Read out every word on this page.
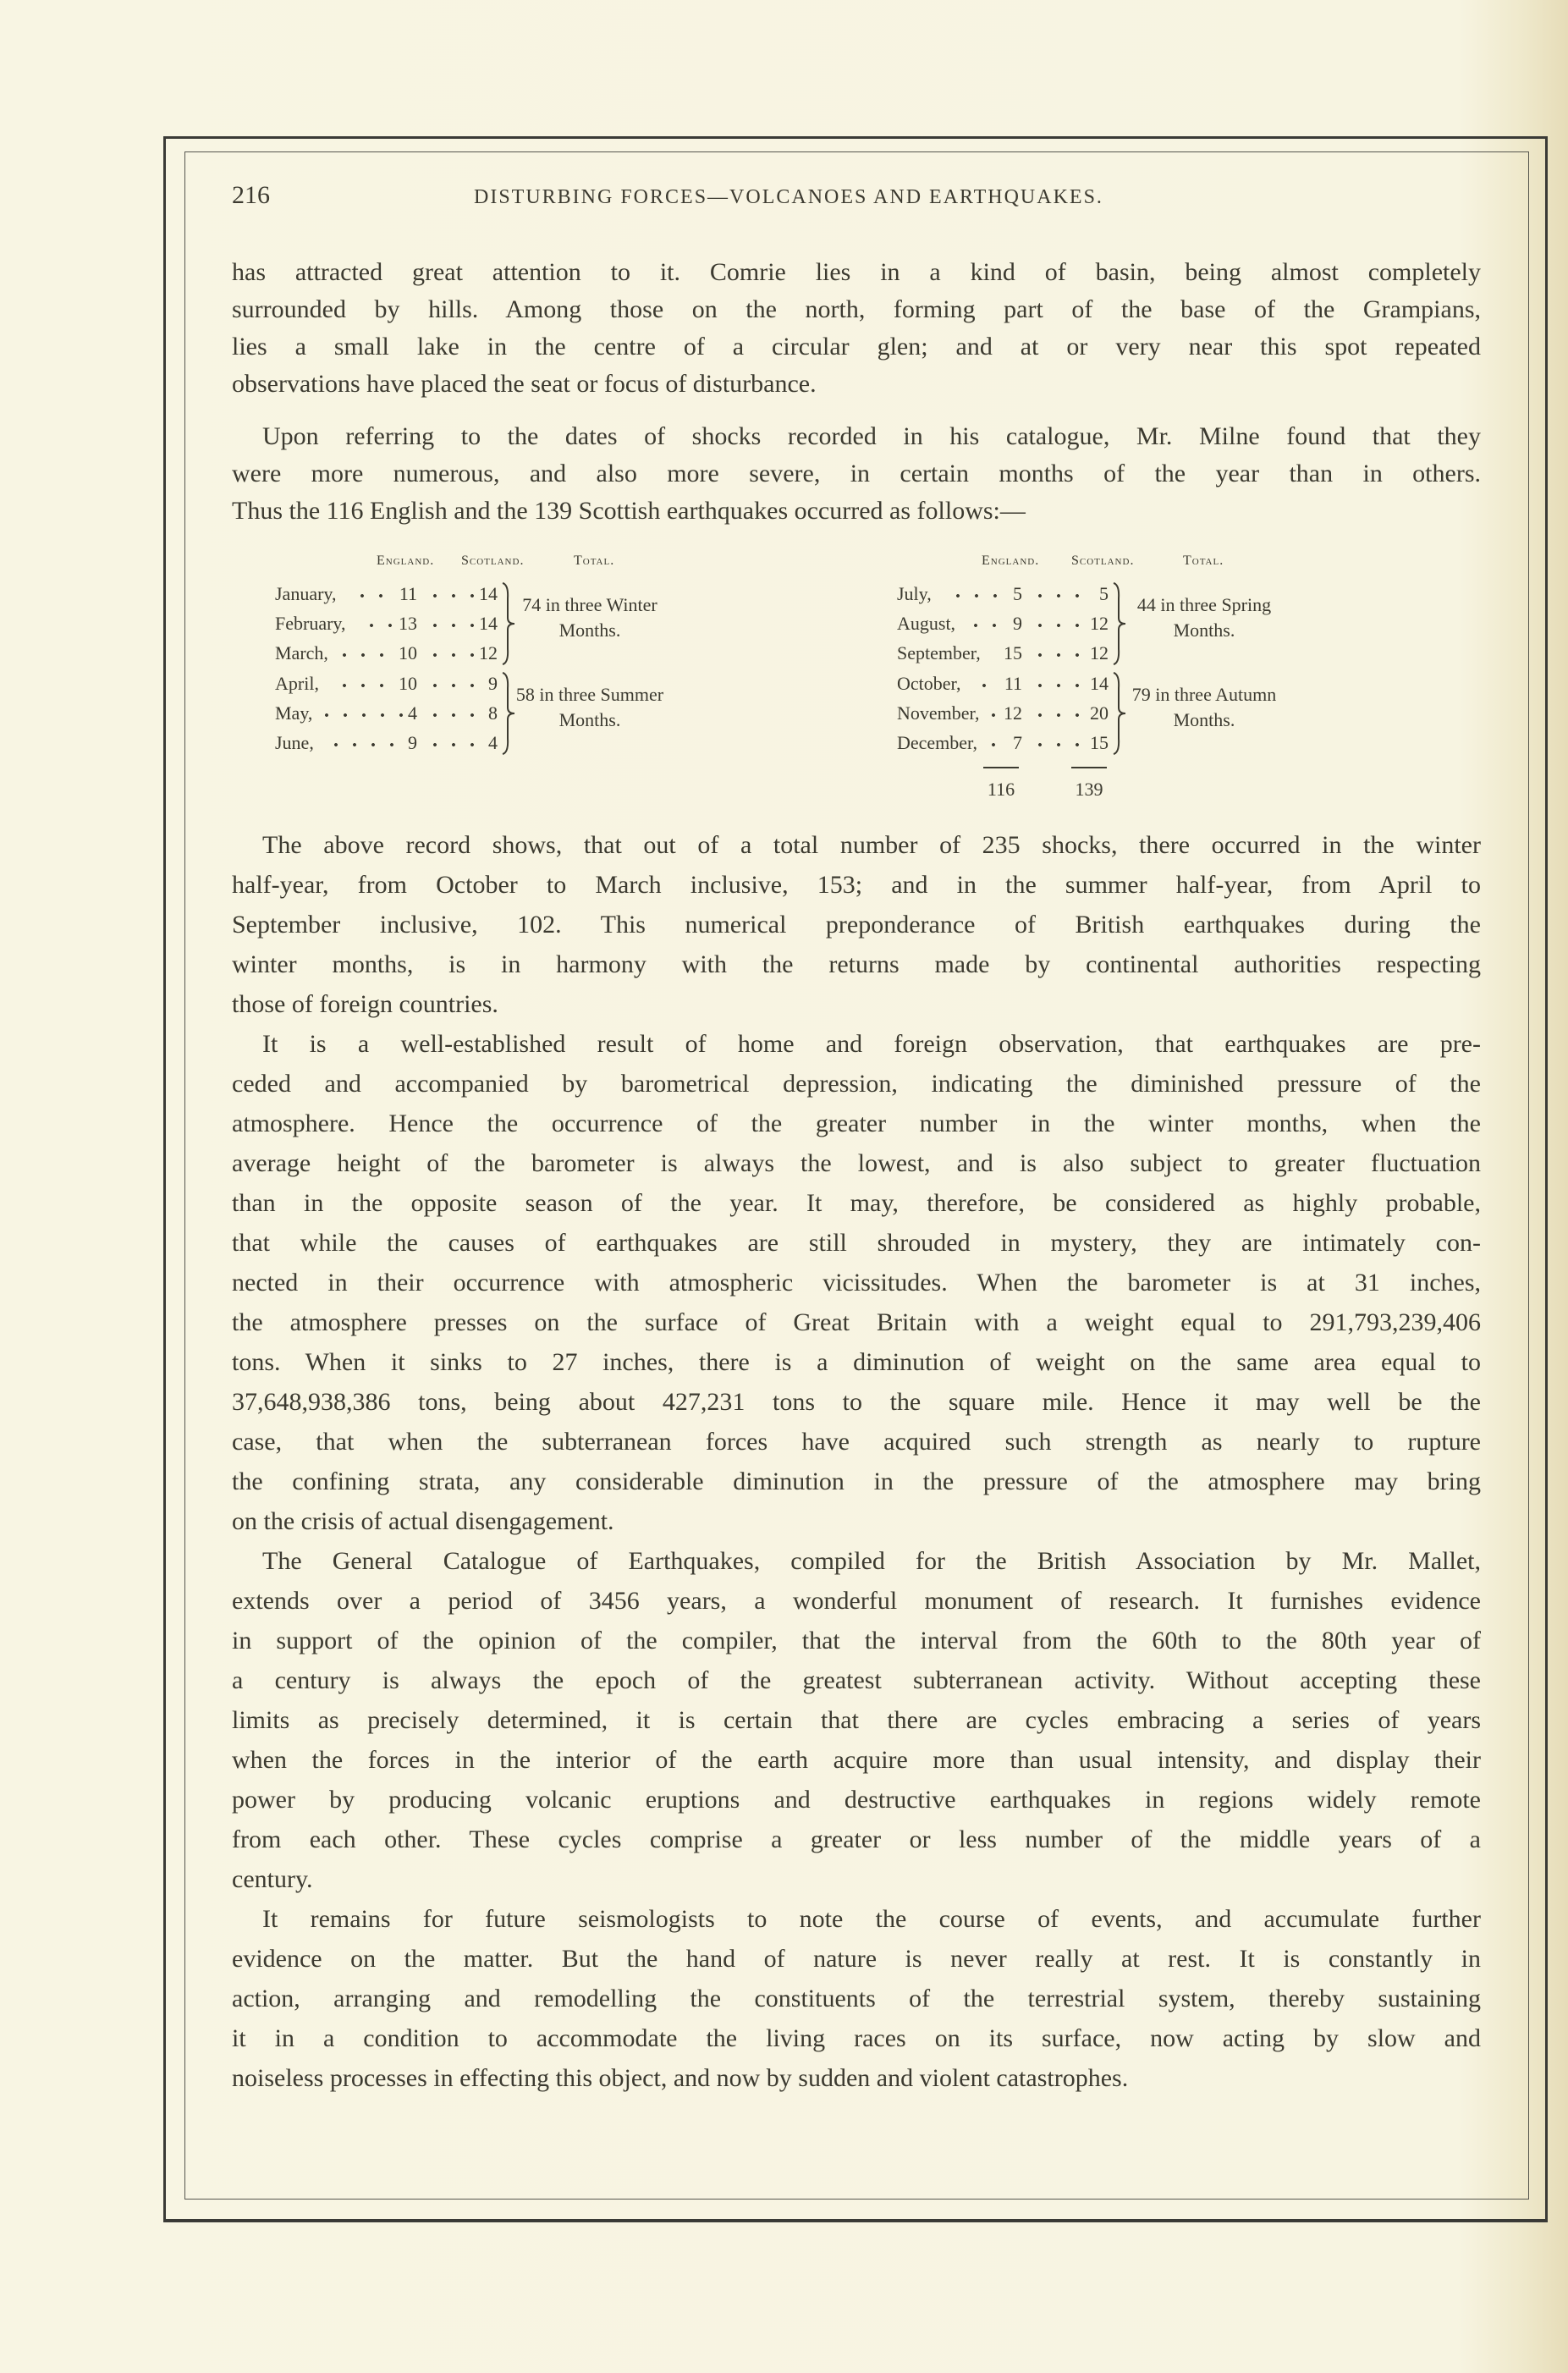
216	DISTURBING FORCES—VOLCANOES AND EARTHQUAKES.
has attracted great attention to it. Comrie lies in a kind of basin, being almost completely
surrounded by hills. Among those on the north, forming part of the base of the Grampians,
lies a small lake in the centre of a circular glen; and at or very near this spot repeated
observations have placed the seat or focus of disturbance.
Upon referring to the dates of shocks recorded in his catalogue, Mr. Milne found that they
were more numerous, and also more severe, in certain months of the year than in others.
Thus the 116 English and the 139 Scottish earthquakes occurred as follows:—
England. Scotland.	Total.
January,	11	14
February,	13	14
March,	10	12
April,	10	9
May,	4	8
June,	9	4
74 in three Winter
Months.
58 in three Summer
Months.
England. Scotland.	Total.
July,	5	5
August,	9	12
September,	15	12
October,	11	14
November,	12	20
December,	7	15
44 in three Spring
Months.
79 in three Autumn
Months.
116	139
The above record shows, that out of a total number of 235 shocks, there occurred in the winter
half-year, from October to March inclusive, 153; and in the summer half-year, from April to
September inclusive, 102. This numerical preponderance of British earthquakes during the
winter months, is in harmony with the returns made by continental authorities respecting
those of foreign countries.
It is a well-established result of home and foreign observation, that earthquakes are pre-
ceded and accompanied by barometrical depression, indicating the diminished pressure of the
atmosphere. Hence the occurrence of the greater number in the winter months, when the
average height of the barometer is always the lowest, and is also subject to greater fluctuation
than in the opposite season of the year. It may, therefore, be considered as highly probable,
that while the causes of earthquakes are still shrouded in mystery, they are intimately con-
nected in their occurrence with atmospheric vicissitudes. When the barometer is at 31 inches,
the atmosphere presses on the surface of Great Britain with a weight equal to 291,793,239,406
tons. When it sinks to 27 inches, there is a diminution of weight on the same area equal to
37,648,938,386 tons, being about 427,231 tons to the square mile. Hence it may well be the
case, that when the subterranean forces have acquired such strength as nearly to rupture
the confining strata, any considerable diminution in the pressure of the atmosphere may bring
on the crisis of actual disengagement.
The General Catalogue of Earthquakes, compiled for the British Association by Mr. Mallet,
extends over a period of 3456 years, a wonderful monument of research. It furnishes evidence
in support of the opinion of the compiler, that the interval from the 60th to the 80th year of
a century is always the epoch of the greatest subterranean activity. Without accepting these
limits as precisely determined, it is certain that there are cycles embracing a series of years
when the forces in the interior of the earth acquire more than usual intensity, and display their
power by producing volcanic eruptions and destructive earthquakes in regions widely remote
from each other. These cycles comprise a greater or less number of the middle years of a
century.
It remains for future seismologists to note the course of events, and accumulate further
evidence on the matter. But the hand of nature is never really at rest. It is constantly in
action, arranging and remodelling the constituents of the terrestrial system, thereby sustaining
it in a condition to accommodate the living races on its surface, now acting by slow and
noiseless processes in effecting this object, and now by sudden and violent catastrophes.
